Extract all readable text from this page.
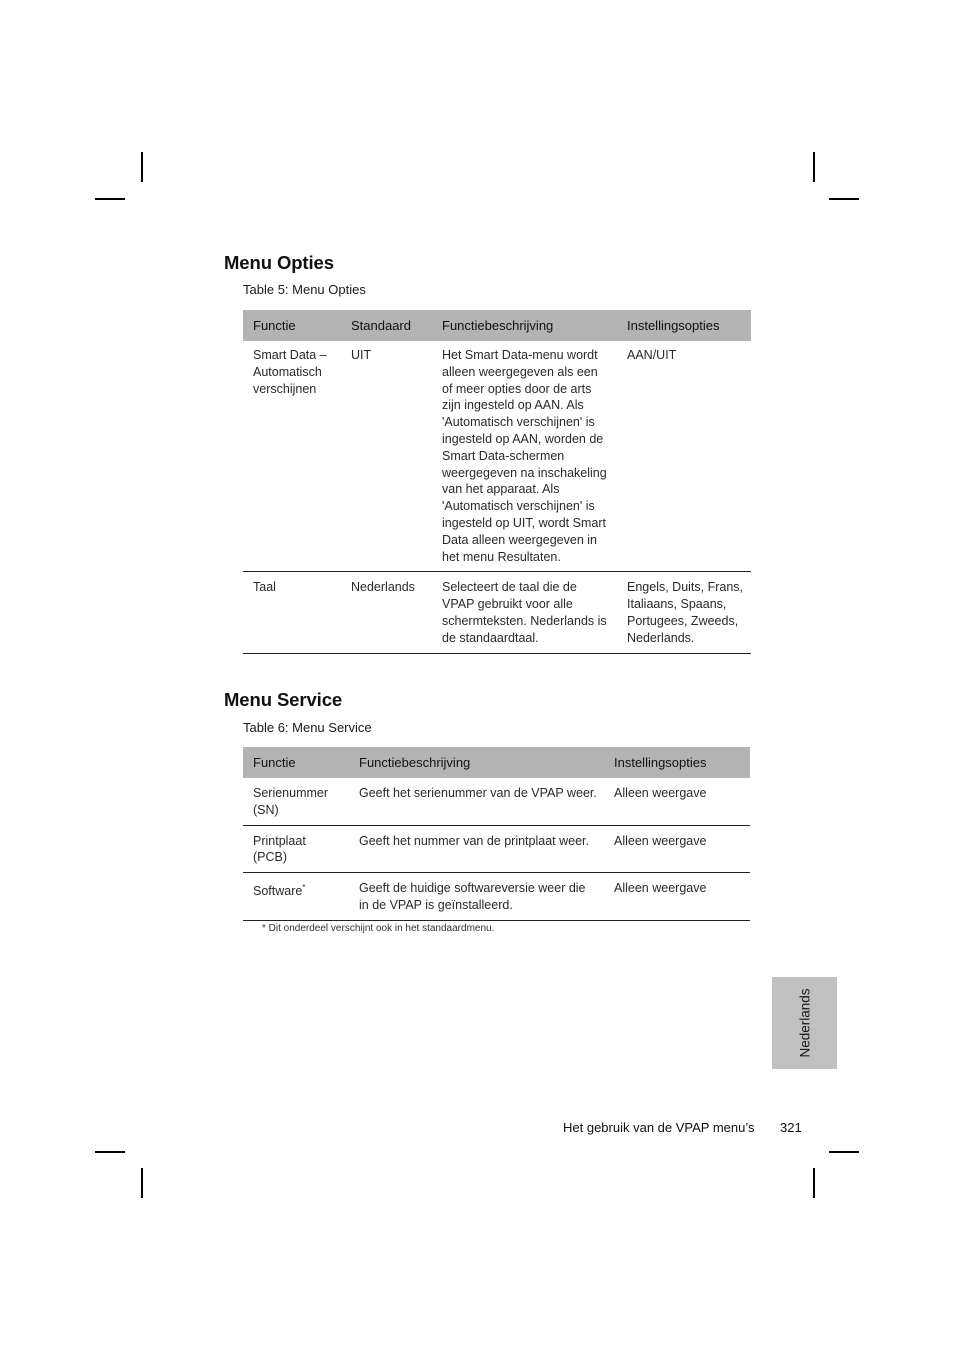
Menu Opties
Table 5: Menu Opties
Functie	Standaard	Functiebeschrijving	Instellingsopties
Smart Data – Automatisch verschijnen	UIT	Het Smart Data-menu wordt alleen weergegeven als een of meer opties door de arts zijn ingesteld op AAN. Als 'Automatisch verschijnen' is ingesteld op AAN, worden de Smart Data-schermen weergegeven na inschakeling van het apparaat. Als 'Automatisch verschijnen' is ingesteld op UIT, wordt Smart Data alleen weergegeven in het menu Resultaten.	AAN/UIT
Taal	Nederlands	Selecteert de taal die de VPAP gebruikt voor alle schermteksten. Nederlands is de standaardtaal.	Engels, Duits, Frans, Italiaans, Spaans, Portugees, Zweeds, Nederlands.
Menu Service
Table 6: Menu Service
Functie	Functiebeschrijving	Instellingsopties
Serienummer (SN)	Geeft het serienummer van de VPAP weer.	Alleen weergave
Printplaat (PCB)	Geeft het nummer van de printplaat weer.	Alleen weergave
Software*	Geeft de huidige softwareversie weer die in de VPAP is geïnstalleerd.	Alleen weergave
* Dit onderdeel verschijnt ook in het standaardmenu.
Nederlands
Het gebruik van de VPAP menu’s 321
